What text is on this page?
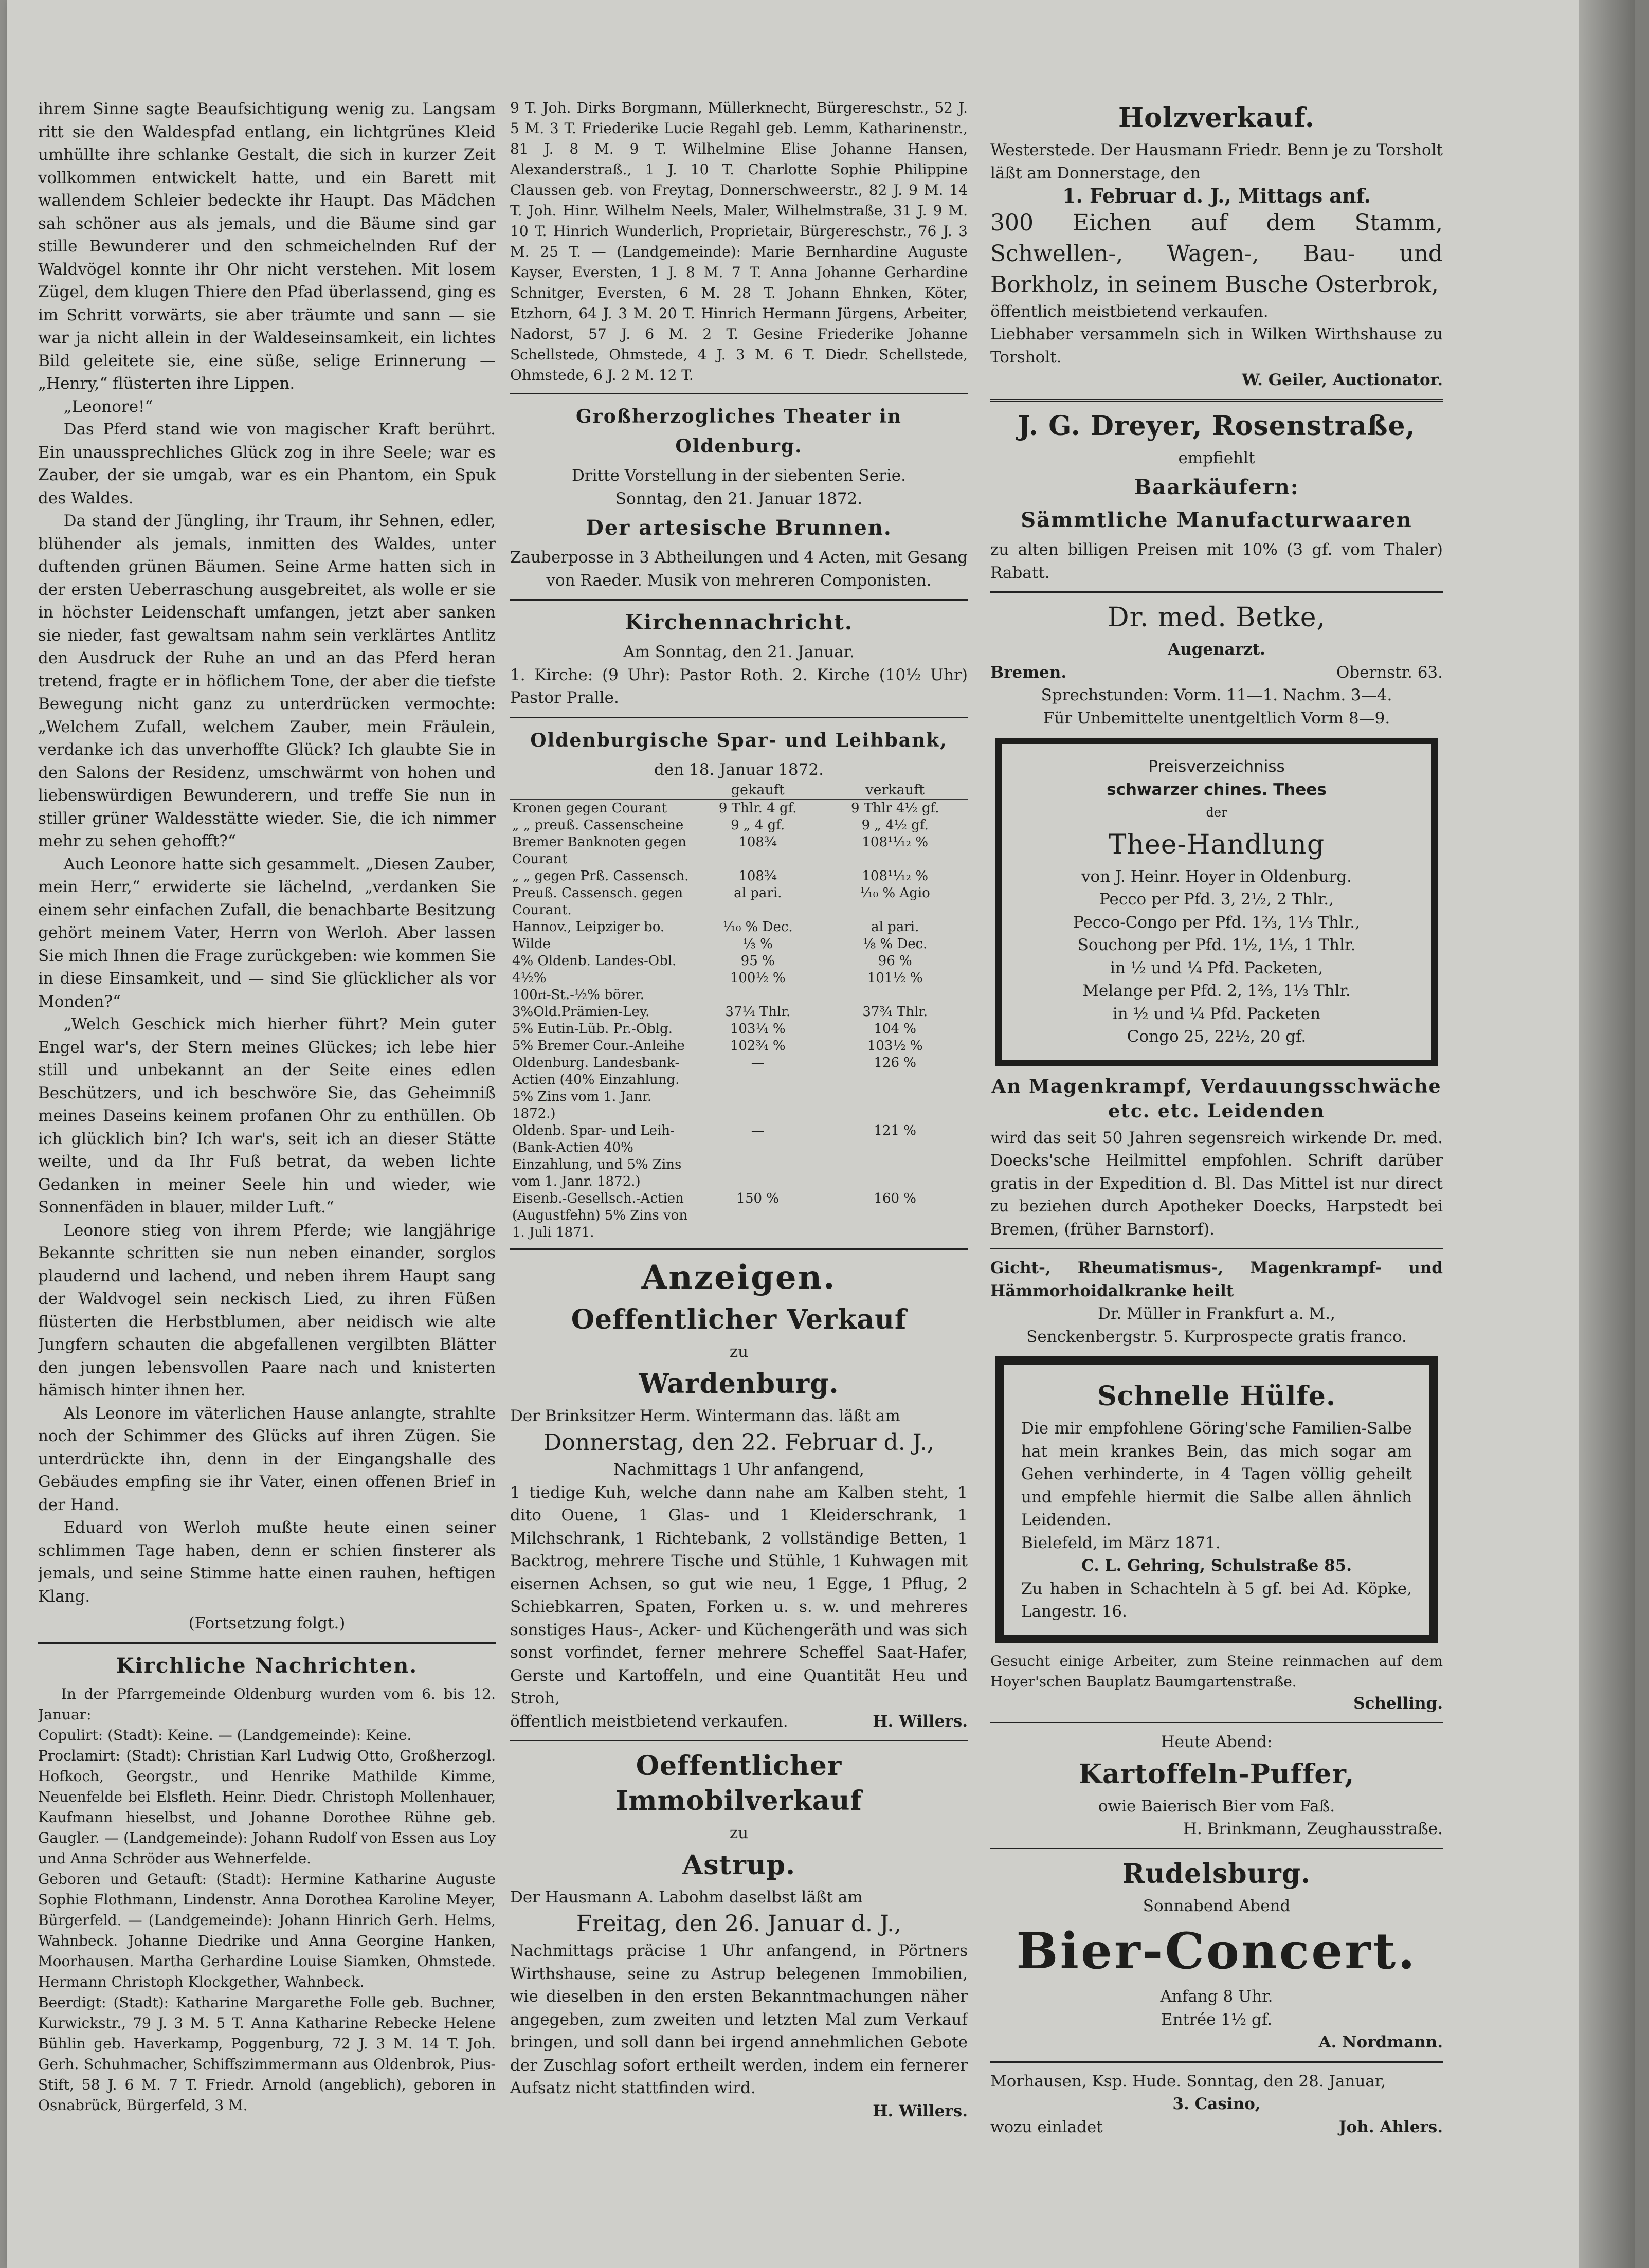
ihrem Sinne sagte Beaufsichtigung wenig zu. Langsam ritt sie den Waldespfad entlang, ein lichtgrünes Kleid umhüllte ihre schlanke Gestalt, die sich in kurzer Zeit vollkommen entwickelt hatte, und ein Barett mit wallendem Schleier bedeckte ihr Haupt. Das Mädchen sah schöner aus als jemals, und die Bäume sind gar stille Bewunderer und den schmeichelnden Ruf der Waldvögel konnte ihr Ohr nicht verstehen. Mit losem Zügel, dem klugen Thiere den Pfad überlassend, ging es im Schritt vorwärts, sie aber träumte und sann — sie war ja nicht allein in der Waldeseinsamkeit, ein lichtes Bild geleitete sie, eine süße, selige Erinnerung — „Henry,“ flüsterten ihre Lippen.

„Leonore!“

Das Pferd stand wie von magischer Kraft berührt. Ein unaussprechliches Glück zog in ihre Seele; war es Zauber, der sie umgab, war es ein Phantom, ein Spuk des Waldes.

Da stand der Jüngling, ihr Traum, ihr Sehnen, edler, blühender als jemals, inmitten des Waldes, unter duftenden grünen Bäumen. Seine Arme hatten sich in der ersten Ueberraschung ausgebreitet, als wolle er sie in höchster Leidenschaft umfangen, jetzt aber sanken sie nieder, fast gewaltsam nahm sein verklärtes Antlitz den Ausdruck der Ruhe an und an das Pferd heran tretend, fragte er in höflichem Tone, der aber die tiefste Bewegung nicht ganz zu unterdrücken vermochte: „Welchem Zufall, welchem Zauber, mein Fräulein, verdanke ich das unverhoffte Glück? Ich glaubte Sie in den Salons der Residenz, umschwärmt von hohen und liebenswürdigen Bewunderern, und treffe Sie nun in stiller grüner Waldesstätte wieder. Sie, die ich nimmer mehr zu sehen gehofft?“

Auch Leonore hatte sich gesammelt. „Diesen Zauber, mein Herr,“ erwiderte sie lächelnd, „verdanken Sie einem sehr einfachen Zufall, die benachbarte Besitzung gehört meinem Vater, Herrn von Werloh. Aber lassen Sie mich Ihnen die Frage zurückgeben: wie kommen Sie in diese Einsamkeit, und — sind Sie glücklicher als vor Monden?“

„Welch Geschick mich hierher führt? Mein guter Engel war's, der Stern meines Glückes; ich lebe hier still und unbekannt an der Seite eines edlen Beschützers, und ich beschwöre Sie, das Geheimniß meines Daseins keinem profanen Ohr zu enthüllen. Ob ich glücklich bin? Ich war's, seit ich an dieser Stätte weilte, und da Ihr Fuß betrat, da weben lichte Gedanken in meiner Seele hin und wieder, wie Sonnenfäden in blauer, milder Luft.“

Leonore stieg von ihrem Pferde; wie langjährige Bekannte schritten sie nun neben einander, sorglos plaudernd und lachend, und neben ihrem Haupt sang der Waldvogel sein neckisch Lied, zu ihren Füßen flüsterten die Herbstblumen, aber neidisch wie alte Jungfern schauten die abgefallenen vergilbten Blätter den jungen lebensvollen Paare nach und knisterten hämisch hinter ihnen her.

Als Leonore im väterlichen Hause anlangte, strahlte noch der Schimmer des Glücks auf ihren Zügen. Sie unterdrückte ihn, denn in der Eingangshalle des Gebäudes empfing sie ihr Vater, einen offenen Brief in der Hand.

Eduard von Werloh mußte heute einen seiner schlimmen Tage haben, denn er schien finsterer als jemals, und seine Stimme hatte einen rauhen, heftigen Klang.

(Fortsetzung folgt.)

Kirchliche Nachrichten.

In der Pfarrgemeinde Oldenburg wurden vom 6. bis 12. Januar:

Copulirt: (Stadt): Keine. — (Landgemeinde): Keine.

Proclamirt: (Stadt): Christian Karl Ludwig Otto, Großherzogl. Hofkoch, Georgstr., und Henrike Mathilde Kimme, Neuenfelde bei Elsfleth. Heinr. Diedr. Christoph Mollenhauer, Kaufmann hieselbst, und Johanne Dorothee Rühne geb. Gaugler. — (Landgemeinde): Johann Rudolf von Essen aus Loy und Anna Schröder aus Wehnerfelde.

Geboren und Getauft: (Stadt): Hermine Katharine Auguste Sophie Flothmann, Lindenstr. Anna Dorothea Karoline Meyer, Bürgerfeld. — (Landgemeinde): Johann Hinrich Gerh. Helms, Wahnbeck. Johanne Diedrike und Anna Georgine Hanken, Moorhausen. Martha Gerhardine Louise Siamken, Ohmstede. Hermann Christoph Klockgether, Wahnbeck.

Beerdigt: (Stadt): Katharine Margarethe Folle geb. Buchner, Kurwickstr., 79 J. 3 M. 5 T. Anna Katharine Rebecke Helene Bühlin geb. Haverkamp, Poggenburg, 72 J. 3 M. 14 T. Joh. Gerh. Schuhmacher, Schiffszimmermann aus Oldenbrok, Pius-Stift, 58 J. 6 M. 7 T. Friedr. Arnold (angeblich), geboren in Osnabrück, Bürgerfeld, 3 M.

9 T. Joh. Dirks Borgmann, Müllerknecht, Bürgereschstr., 52 J. 5 M. 3 T. Friederike Lucie Regahl geb. Lemm, Katharinenstr., 81 J. 8 M. 9 T. Wilhelmine Elise Johanne Hansen, Alexanderstraß., 1 J. 10 T. Charlotte Sophie Philippine Claussen geb. von Freytag, Donnerschweerstr., 82 J. 9 M. 14 T. Joh. Hinr. Wilhelm Neels, Maler, Wilhelmstraße, 31 J. 9 M. 10 T. Hinrich Wunderlich, Proprietair, Bürgereschstr., 76 J. 3 M. 25 T. — (Landgemeinde): Marie Bernhardine Auguste Kayser, Eversten, 1 J. 8 M. 7 T. Anna Johanne Gerhardine Schnitger, Eversten, 6 M. 28 T. Johann Ehnken, Köter, Etzhorn, 64 J. 3 M. 20 T. Hinrich Hermann Jürgens, Arbeiter, Nadorst, 57 J. 6 M. 2 T. Gesine Friederike Johanne Schellstede, Ohmstede, 4 J. 3 M. 6 T. Diedr. Schellstede, Ohmstede, 6 J. 2 M. 12 T.
Großherzogliches Theater in Oldenburg.
Dritte Vorstellung in der siebenten Serie.
Sonntag, den 21. Januar 1872.
Der artesische Brunnen.
Zauberposse in 3 Abtheilungen und 4 Acten, mit Gesang von Raeder. Musik von mehreren Componisten.
Kirchennachricht.
Am Sonntag, den 21. Januar.
1. Kirche: (9 Uhr): Pastor Roth. 2. Kirche (10½ Uhr) Pastor Pralle.
Oldenburgische Spar- und Leihbank,
den 18. Januar 1872.
	gekauft	verkauft
Kronen gegen Courant	9 Thlr. 4 gf.	9 Thlr 4½ gf.
„ „ preuß. Cassenscheine	9 „ 4 gf.	9 „ 4½ gf.
Bremer Banknoten gegen Courant	108¾	108¹¹⁄₁₂ %
„ „ gegen Prß. Cassensch.	108¾	108¹¹⁄₁₂ %
Preuß. Cassensch. gegen Courant.	al pari.	¹⁄₁₀ % Agio
Hannov., Leipziger bo.	¹⁄₁₀ % Dec.	al pari.
Wilde	⅓ %	⅛ % Dec.
4% Oldenb. Landes-Obl.	95 %	96 %
4½%	100½ %	101½ %
100𝔯𝔱-St.-½% börer.		
3%Old.Prämien-Ley.	37¼ Thlr.	37¾ Thlr.
5% Eutin-Lüb. Pr.-Oblg.	103¼ %	104 %
5% Bremer Cour.-Anleihe	102¾ %	103½ %
Oldenburg. Landesbank-Actien (40% Einzahlung. 5% Zins vom 1. Janr. 1872.)	—	126 %
Oldenb. Spar- und Leih-(Bank-Actien 40% Einzahlung, und 5% Zins vom 1. Janr. 1872.)	—	121 %
Eisenb.-Gesellsch.-Actien (Augustfehn) 5% Zins von 1. Juli 1871.	150 %	160 %
Anzeigen.
Oeffentlicher Verkauf
zu
Wardenburg.
Der Brinksitzer Herm. Wintermann das. läßt am
Donnerstag, den 22. Februar d. J.,
Nachmittags 1 Uhr anfangend,
1 tiedige Kuh, welche dann nahe am Kalben steht, 1 dito Ouene, 1 Glas- und 1 Kleiderschrank, 1 Milchschrank, 1 Richtebank, 2 vollständige Betten, 1 Backtrog, mehrere Tische und Stühle, 1 Kuhwagen mit eisernen Achsen, so gut wie neu, 1 Egge, 1 Pflug, 2 Schiebkarren, Spaten, Forken u. s. w. und mehreres sonstiges Haus-, Acker- und Küchengeräth und was sich sonst vorfindet, ferner mehrere Scheffel Saat-Hafer, Gerste und Kartoffeln, und eine Quantität Heu und Stroh,
öffentlich meistbietend verkaufen.	H. Willers.
Oeffentlicher Immobilverkauf
zu
Astrup.
Der Hausmann A. Labohm daselbst läßt am
Freitag, den 26. Januar d. J.,
Nachmittags präcise 1 Uhr anfangend, in Pörtners Wirthshause, seine zu Astrup belegenen Immobilien, wie dieselben in den ersten Bekanntmachungen näher angegeben, zum zweiten und letzten Mal zum Verkauf bringen, und soll dann bei irgend annehmlichen Gebote der Zuschlag sofort ertheilt werden, indem ein fernerer Aufsatz nicht stattfinden wird.
H. Willers.
Holzverkauf.
Westerstede. Der Hausmann Friedr. Benn je zu Torsholt läßt am Donnerstage, den
1. Februar d. J., Mittags anf.
300 Eichen auf dem Stamm, Schwellen-, Wagen-, Bau- und Borkholz, in seinem Busche Osterbrok,
öffentlich meistbietend verkaufen.
Liebhaber versammeln sich in Wilken Wirthshause zu Torsholt.
W. Geiler, Auctionator.
J. G. Dreyer, Rosenstraße,
empfiehlt
Baarkäufern:
Sämmtliche Manufacturwaaren
zu alten billigen Preisen mit 10% (3 gf. vom Thaler) Rabatt.
Dr. med. Betke,
Augenarzt.
Bremen.	Obernstr. 63.
Sprechstunden: Vorm. 11—1. Nachm. 3—4.
Für Unbemittelte unentgeltlich Vorm 8—9.
Preisverzeichniss
schwarzer chines. Thees
der
Thee-Handlung
von J. Heinr. Hoyer in Oldenburg.
Pecco per Pfd. 3, 2½, 2 Thlr.,
Pecco-Congo per Pfd. 1⅔, 1⅓ Thlr.,
Souchong per Pfd. 1½, 1⅓, 1 Thlr.
in ½ und ¼ Pfd. Packeten,
Melange per Pfd. 2, 1⅔, 1⅓ Thlr.
in ½ und ¼ Pfd. Packeten
Congo 25, 22½, 20 gf.
An Magenkrampf, Verdauungsschwäche etc. etc. Leidenden
wird das seit 50 Jahren segensreich wirkende Dr. med. Doecks'sche Heilmittel empfohlen. Schrift darüber gratis in der Expedition d. Bl. Das Mittel ist nur direct zu beziehen durch Apotheker Doecks, Harpstedt bei Bremen, (früher Barnstorf).
Gicht-, Rheumatismus-, Magenkrampf- und Hämmorhoidalkranke heilt
Dr. Müller in Frankfurt a. M.,
Senckenbergstr. 5. Kurprospecte gratis franco.
Schnelle Hülfe.
Die mir empfohlene Göring'sche Familien-Salbe hat mein krankes Bein, das mich sogar am Gehen verhinderte, in 4 Tagen völlig geheilt und empfehle hiermit die Salbe allen ähnlich Leidenden.
Bielefeld, im März 1871.
C. L. Gehring, Schulstraße 85.
Zu haben in Schachteln à 5 gf. bei Ad. Köpke, Langestr. 16.
Gesucht einige Arbeiter, zum Steine reinmachen auf dem Hoyer'schen Bauplatz Baumgartenstraße.
Schelling.
Heute Abend:
Kartoffeln-Puffer,
owie Baierisch Bier vom Faß.
H. Brinkmann, Zeughausstraße.
Rudelsburg.
Sonnabend Abend
Bier-Concert.
Anfang 8 Uhr.
Entrée 1½ gf.
A. Nordmann.
Morhausen, Ksp. Hude. Sonntag, den 28. Januar,
3. Casino,
wozu einladet	Joh. Ahlers.
